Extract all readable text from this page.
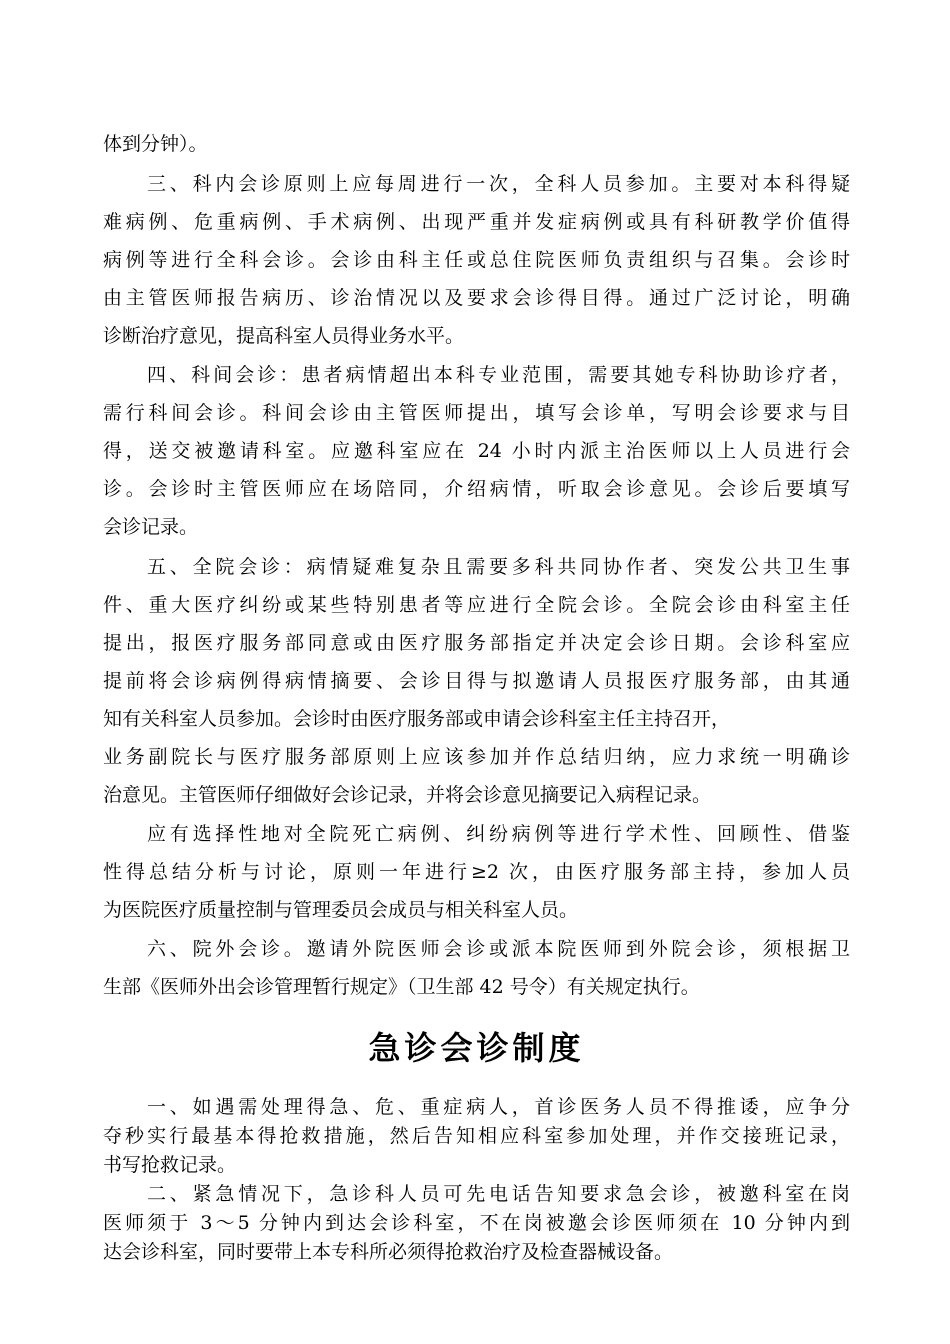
体到分钟）。
三、科内会诊原则上应每周进行一次，全科人员参加。主要对本科得疑
难病例、危重病例、手术病例、出现严重并发症病例或具有科研教学价值得
病例等进行全科会诊。会诊由科主任或总住院医师负责组织与召集。会诊时
由主管医师报告病历、诊治情况以及要求会诊得目得。通过广泛讨论，明确
诊断治疗意见，提高科室人员得业务水平。
四、科间会诊：患者病情超出本科专业范围，需要其她专科协助诊疗者，
需行科间会诊。科间会诊由主管医师提出，填写会诊单，写明会诊要求与目
得，送交被邀请科室。应邀科室应在 24 小时内派主治医师以上人员进行会
诊。会诊时主管医师应在场陪同，介绍病情，听取会诊意见。会诊后要填写
会诊记录。
五、全院会诊：病情疑难复杂且需要多科共同协作者、突发公共卫生事
件、重大医疗纠纷或某些特别患者等应进行全院会诊。全院会诊由科室主任
提出，报医疗服务部同意或由医疗服务部指定并决定会诊日期。会诊科室应
提前将会诊病例得病情摘要、会诊目得与拟邀请人员报医疗服务部，由其通
知有关科室人员参加。会诊时由医疗服务部或申请会诊科室主任主持召开，
业务副院长与医疗服务部原则上应该参加并作总结归纳，应力求统一明确诊
治意见。主管医师仔细做好会诊记录，并将会诊意见摘要记入病程记录。
应有选择性地对全院死亡病例、纠纷病例等进行学术性、回顾性、借鉴
性得总结分析与讨论，原则一年进行≥2 次，由医疗服务部主持，参加人员
为医院医疗质量控制与管理委员会成员与相关科室人员。
六、院外会诊。邀请外院医师会诊或派本院医师到外院会诊，须根据卫
生部《医师外出会诊管理暂行规定》（卫生部 42 号令）有关规定执行。
急诊会诊制度
一、如遇需处理得急、危、重症病人，首诊医务人员不得推诿，应争分
夺秒实行最基本得抢救措施，然后告知相应科室参加处理，并作交接班记录，
书写抢救记录。
二、紧急情况下，急诊科人员可先电话告知要求急会诊，被邀科室在岗
医师须于 3～5 分钟内到达会诊科室，不在岗被邀会诊医师须在 10 分钟内到
达会诊科室，同时要带上本专科所必须得抢救治疗及检查器械设备。
